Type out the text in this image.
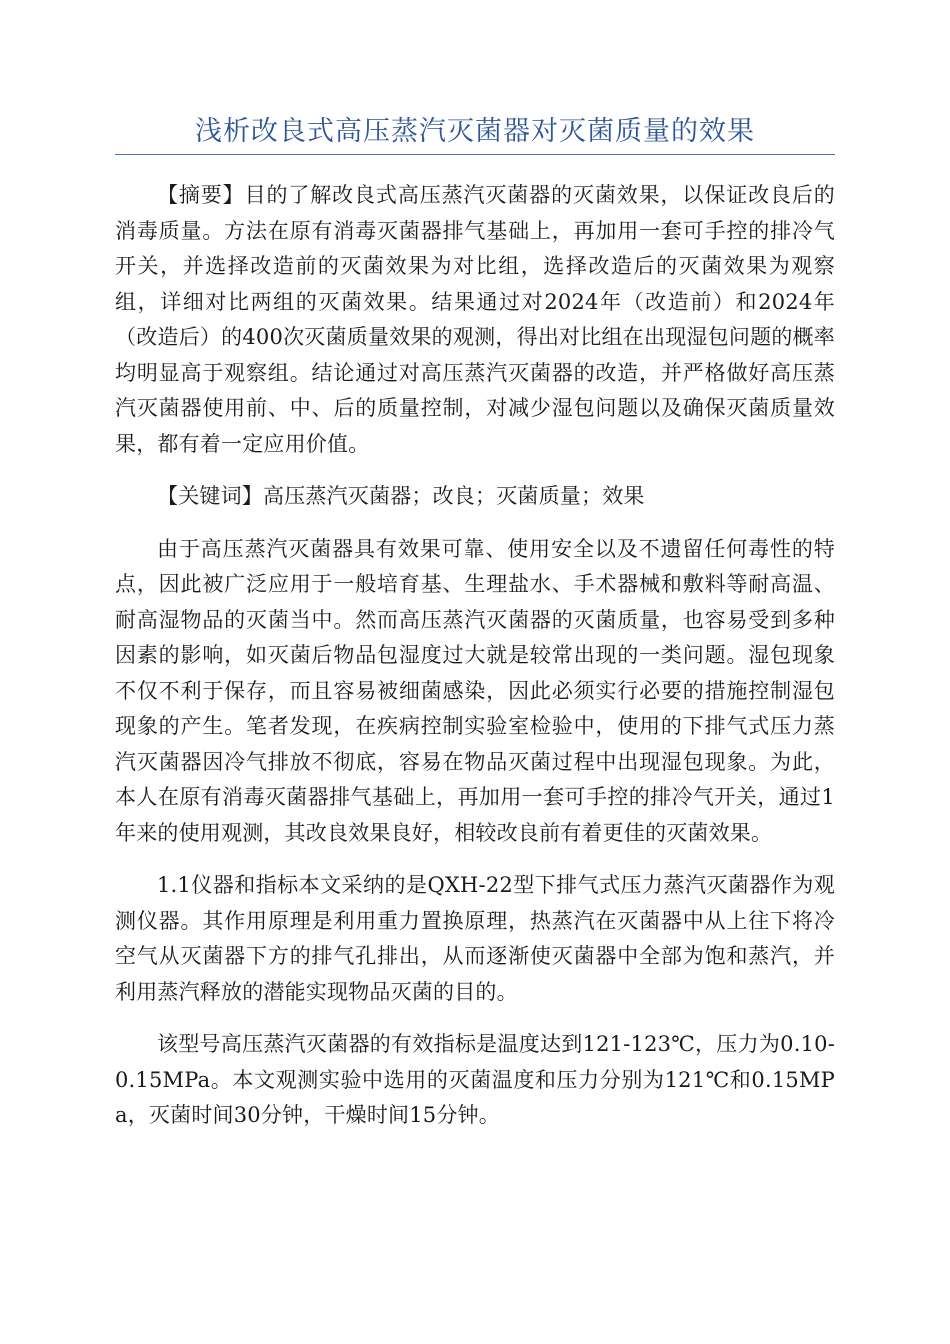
浅析改良式高压蒸汽灭菌器对灭菌质量的效果

【摘要】目的了解改良式高压蒸汽灭菌器的灭菌效果，以保证改良后的消毒质量。方法在原有消毒灭菌器排气基础上，再加用一套可手控的排冷气开关，并选择改造前的灭菌效果为对比组，选择改造后的灭菌效果为观察组，详细对比两组的灭菌效果。结果通过对2024年（改造前）和2024年（改造后）的400次灭菌质量效果的观测，得出对比组在出现湿包问题的概率均明显高于观察组。结论通过对高压蒸汽灭菌器的改造，并严格做好高压蒸汽灭菌器使用前、中、后的质量控制，对减少湿包问题以及确保灭菌质量效果，都有着一定应用价值。

【关键词】高压蒸汽灭菌器；改良；灭菌质量；效果

由于高压蒸汽灭菌器具有效果可靠、使用安全以及不遗留任何毒性的特点，因此被广泛应用于一般培育基、生理盐水、手术器械和敷料等耐高温、耐高湿物品的灭菌当中。然而高压蒸汽灭菌器的灭菌质量，也容易受到多种因素的影响，如灭菌后物品包湿度过大就是较常出现的一类问题。湿包现象不仅不利于保存，而且容易被细菌感染，因此必须实行必要的措施控制湿包现象的产生。笔者发现，在疾病控制实验室检验中，使用的下排气式压力蒸汽灭菌器因冷气排放不彻底，容易在物品灭菌过程中出现湿包现象。为此，本人在原有消毒灭菌器排气基础上，再加用一套可手控的排冷气开关，通过1年来的使用观测，其改良效果良好，相较改良前有着更佳的灭菌效果。

1.1仪器和指标本文采纳的是QXH-22型下排气式压力蒸汽灭菌器作为观测仪器。其作用原理是利用重力置换原理，热蒸汽在灭菌器中从上往下将冷空气从灭菌器下方的排气孔排出，从而逐渐使灭菌器中全部为饱和蒸汽，并利用蒸汽释放的潜能实现物品灭菌的目的。

该型号高压蒸汽灭菌器的有效指标是温度达到121-123℃，压力为0.10-0.15MPa。本文观测实验中选用的灭菌温度和压力分别为121℃和0.15MPa，灭菌时间30分钟，干燥时间15分钟。
